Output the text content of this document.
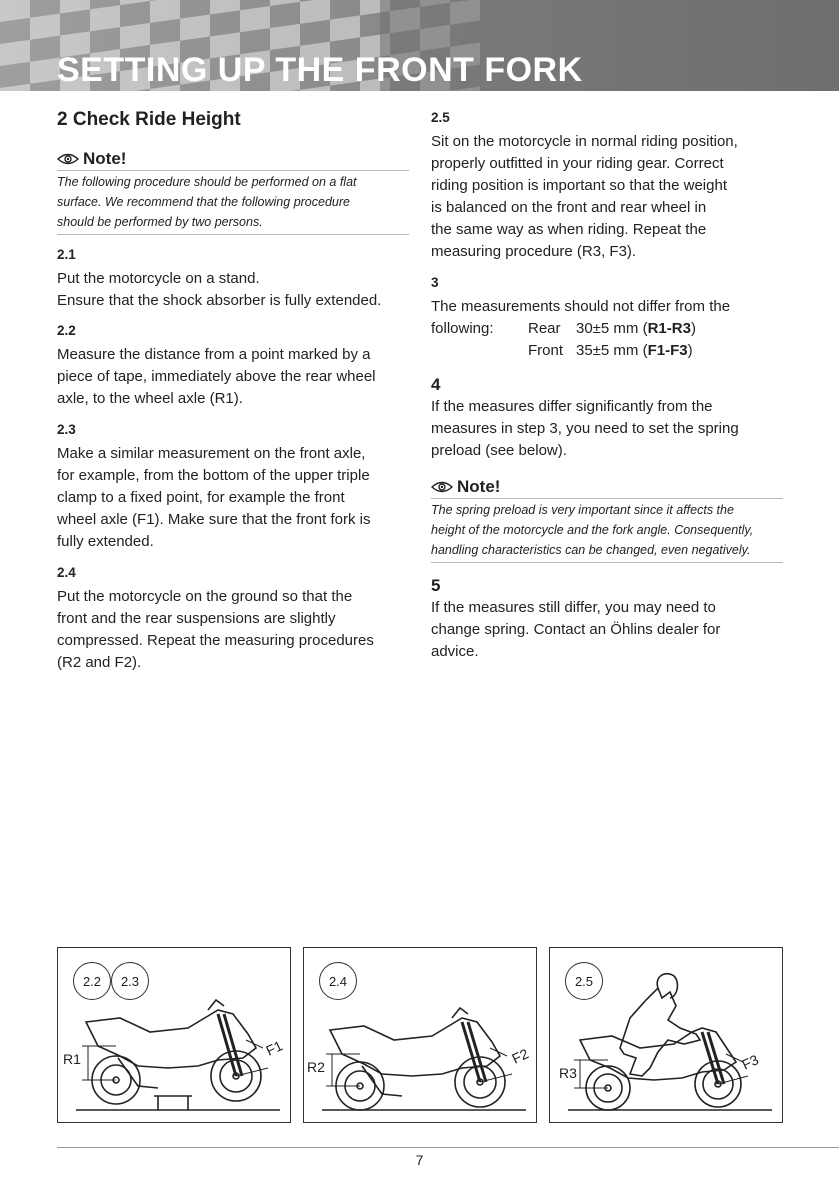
SETTING UP THE FRONT FORK
2 Check Ride Height
Note!
The following procedure should be performed on a flat
surface. We recommend that the following procedure
should be performed by two persons.
2.1

Put the motorcycle on a stand.

Ensure that the shock absorber is fully extended.

2.2

Measure the distance from a point marked by a

piece of tape, immediately above the rear wheel

axle, to the wheel axle (R1).

2.3

Make a similar measurement on the front axle,

for example, from the bottom of the upper triple

clamp to a fixed point, for example the front

wheel axle (F1). Make sure that the front fork is

fully extended.

2.4

Put the motorcycle on the ground so that the

front and the rear suspensions are slightly

compressed. Repeat the measuring procedures

(R2 and F2).

2.5

Sit on the motorcycle in normal riding position,

properly outfitted in your riding gear. Correct

riding position is important so that the weight

is balanced on the front and rear wheel in

the same way as when riding. Repeat the

measuring procedure (R3, F3).

3

The measurements should not differ from the

following:	Rear	30±5 mm (R1-R3)
Front 35±5 mm (F1-F3)
4

If the measures differ significantly from the

measures in step 3, you need to set the spring

preload (see below).

Note!
The spring preload is very important since it affects the
height of the motorcycle and the fork angle. Consequently,
handling characteristics can be changed, even negatively.
5

If the measures still differ, you may need to

change spring. Contact an Öhlins dealer for

advice.

2.2	2.3
R1
F1
2.4
R2
F2
2.5
R3
F3
7
